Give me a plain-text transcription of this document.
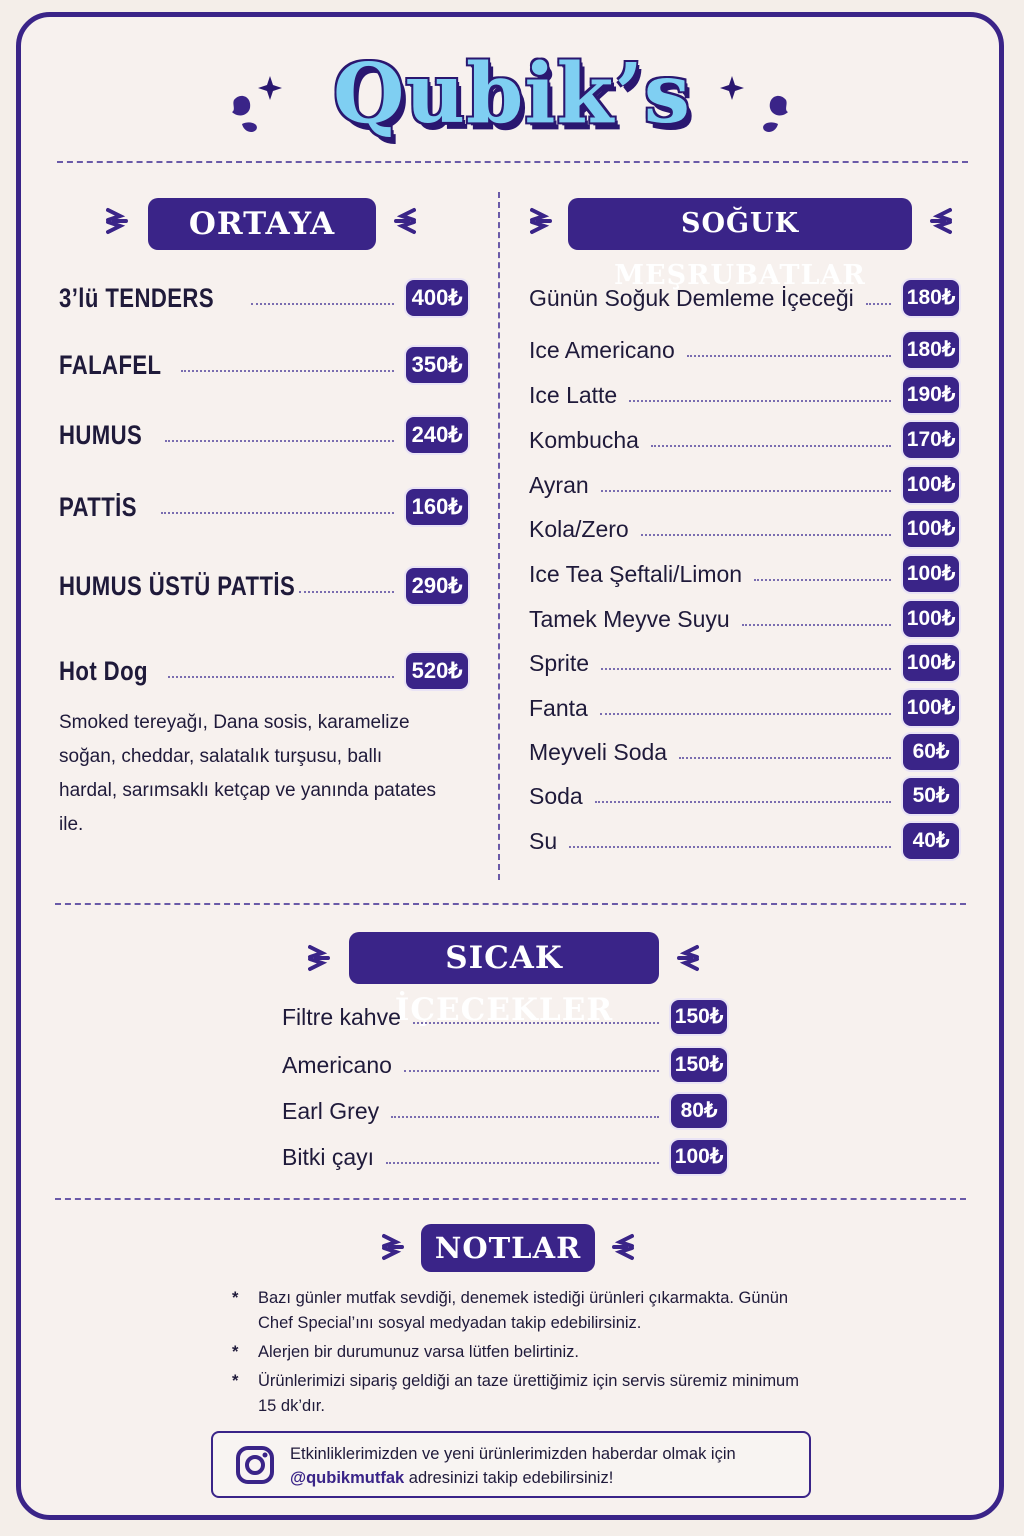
Qubik’s
ORTAYA
3’lü TENDERS	400₺
FALAFEL	350₺
HUMUS	240₺
PATTİS	160₺
HUMUS ÜSTÜ PATTİS	290₺
Hot Dog	520₺
Smoked tereyağı, Dana sosis, karamelize soğan, cheddar, salatalık turşusu, ballı hardal, sarımsaklı ketçap ve yanında patates ile.
SOĞUK MEŞRUBATLAR
Günün Soğuk Demleme İçeceği	180₺
Ice Americano	180₺
Ice Latte	190₺
Kombucha	170₺
Ayran	100₺
Kola/Zero	100₺
Ice Tea Şeftali/Limon	100₺
Tamek Meyve Suyu	100₺
Sprite	100₺
Fanta	100₺
Meyveli Soda	60₺
Soda	50₺
Su	40₺
SICAK İÇECEKLER
Filtre kahve	150₺
Americano	150₺
Earl Grey	80₺
Bitki çayı	100₺
NOTLAR
* Bazı günler mutfak sevdiği, denemek istediği ürünleri çıkarmakta. Günün Chef Special’ını sosyal medyadan takip edebilirsiniz.
* Alerjen bir durumunuz varsa lütfen belirtiniz.
* Ürünlerimizi sipariş geldiği an taze ürettiğimiz için servis süremiz minimum 15 dk’dır.
Etkinliklerimizden ve yeni ürünlerimizden haberdar olmak için
@qubikmutfak adresinizi takip edebilirsiniz!
